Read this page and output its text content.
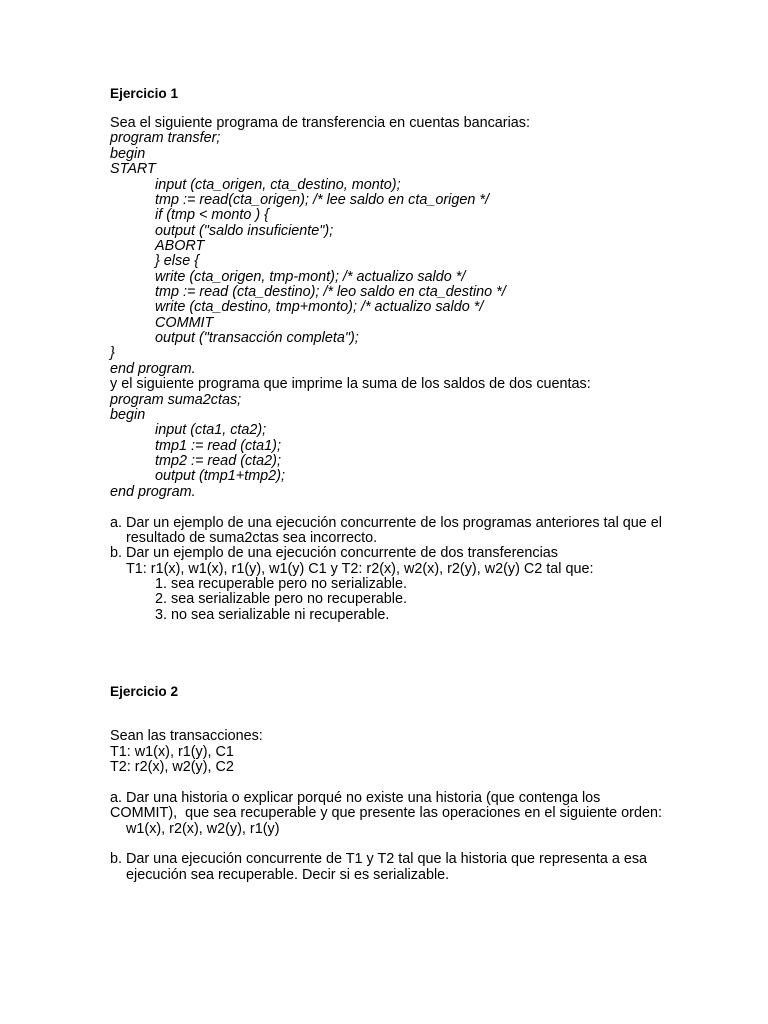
Ejercicio 1
Sea el siguiente programa de transferencia en cuentas bancarias:
program transfer;
begin
START
input (cta_origen, cta_destino, monto);
tmp := read(cta_origen); /* lee saldo en cta_origen */
if (tmp < monto ) {
output ("saldo insuficiente");
ABORT
} else {
write (cta_origen, tmp-mont); /* actualizo saldo */
tmp := read (cta_destino); /* leo saldo en cta_destino */
write (cta_destino, tmp+monto); /* actualizo saldo */
COMMIT
output ("transacción completa");
}
end program.
y el siguiente programa que imprime la suma de los saldos de dos cuentas:
program suma2ctas;
begin
input (cta1, cta2);
tmp1 := read (cta1);
tmp2 := read (cta2);
output (tmp1+tmp2);
end program.
a. Dar un ejemplo de una ejecución concurrente de los programas anteriores tal que el
resultado de suma2ctas sea incorrecto.
b. Dar un ejemplo de una ejecución concurrente de dos transferencias
T1: r1(x), w1(x), r1(y), w1(y) C1 y T2: r2(x), w2(x), r2(y), w2(y) C2 tal que:
1. sea recuperable pero no serializable.
2. sea serializable pero no recuperable.
3. no sea serializable ni recuperable.
Ejercicio 2
Sean las transacciones:
T1: w1(x), r1(y), C1
T2: r2(x), w2(y), C2
a. Dar una historia o explicar porqué no existe una historia (que contenga los
COMMIT),  que sea recuperable y que presente las operaciones en el siguiente orden:
w1(x), r2(x), w2(y), r1(y)
b. Dar una ejecución concurrente de T1 y T2 tal que la historia que representa a esa
ejecución sea recuperable. Decir si es serializable.
